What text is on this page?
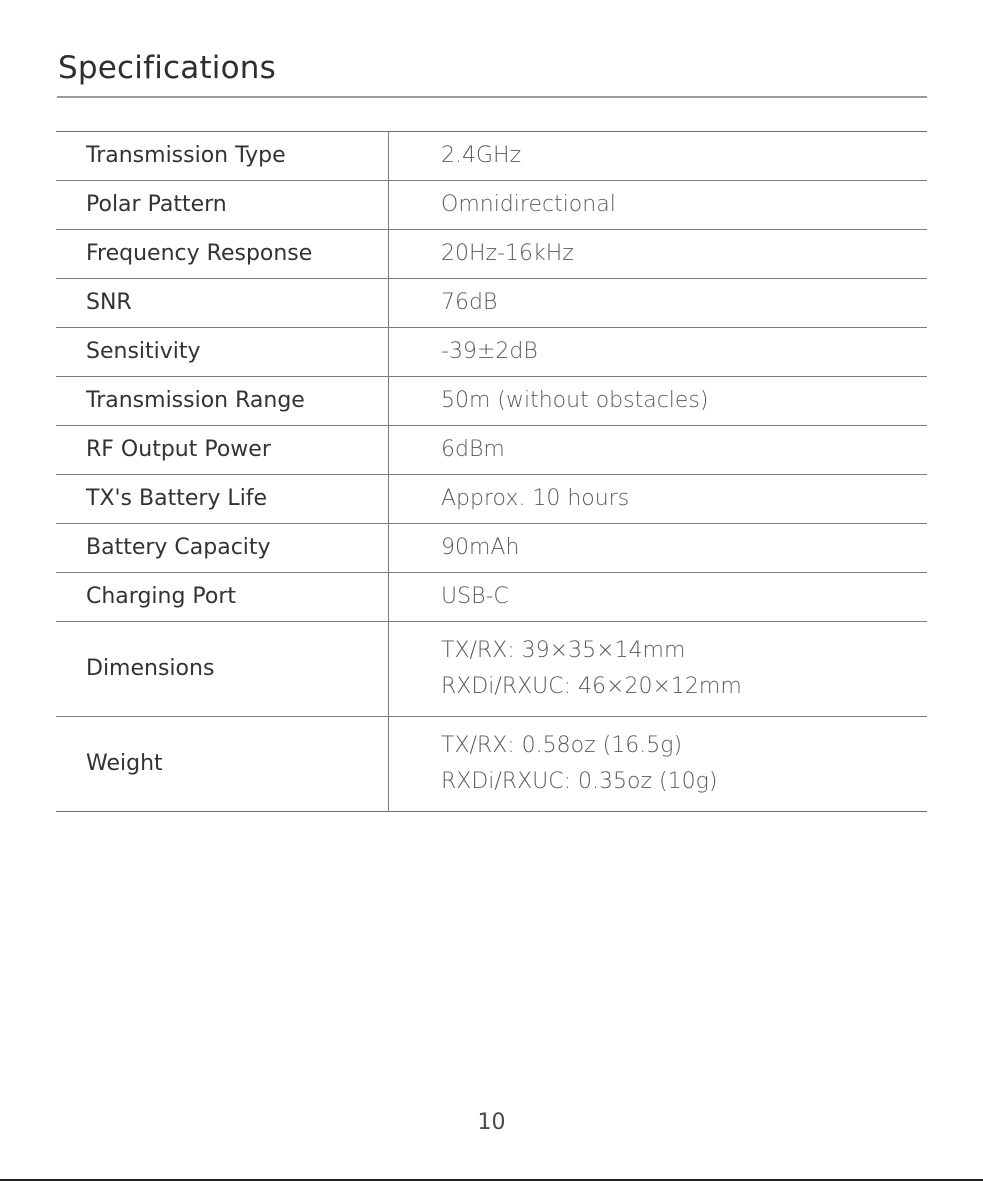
Specifications
Transmission Type	2.4GHz

Polar Pattern	Omnidirectional

Frequency Response	20Hz-16kHz

SNR	76dB

Sensitivity	-39±2dB

Transmission Range	50m (without obstacles)

RF Output Power	6dBm

TX's Battery Life	Approx. 10 hours

Battery Capacity	90mAh

Charging Port	USB-C

Dimensions	TX/RX: 39×35×14mm
RXDi/RXUC: 46×20×12mm

Weight	TX/RX: 0.58oz (16.5g)
RXDi/RXUC: 0.35oz (10g)
10
